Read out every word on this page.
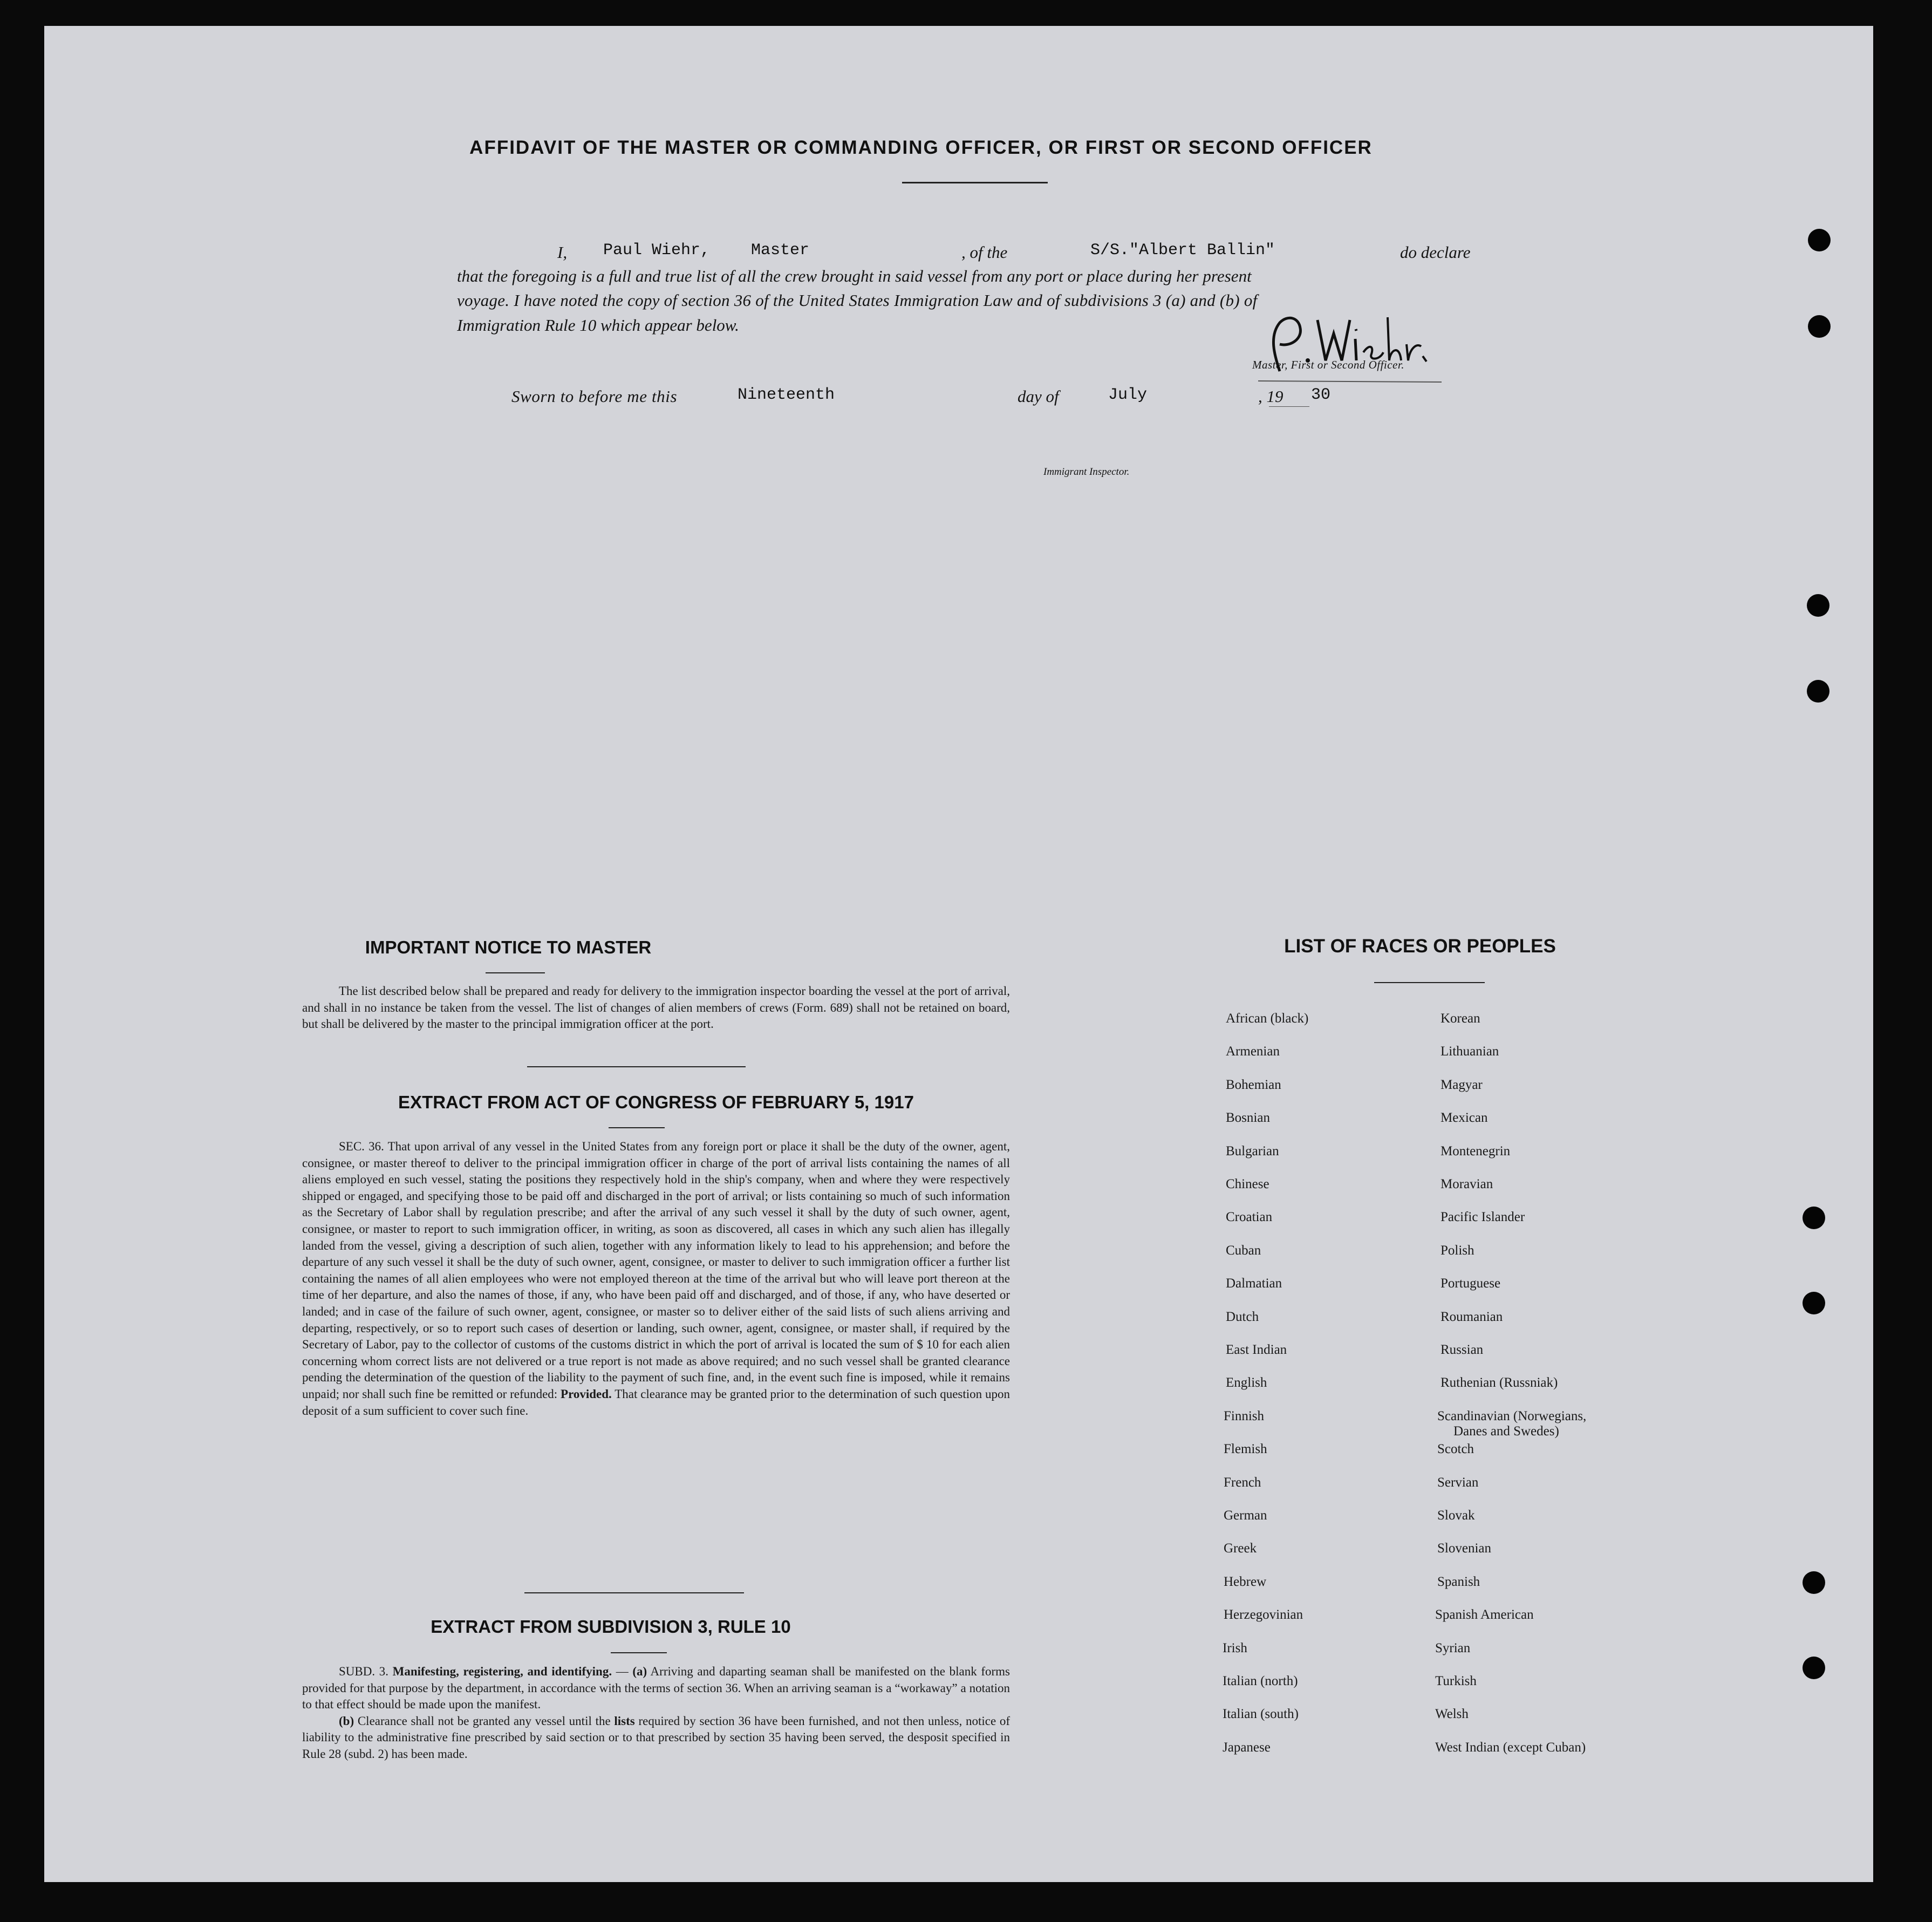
AFFIDAVIT OF THE MASTER OR COMMANDING OFFICER, OR FIRST OR SECOND OFFICER
I, Paul Wiehr,	Master	, of the	S/S."Albert Ballin"	do declare
that the foregoing is a full and true list of all the crew brought in said vessel from any port or place during her present
voyage. I have noted the copy of section 36 of the United States Immigration Law and of subdivisions 3 (a) and (b) of
Immigration Rule 10 which appear below.
Master, First or Second Officer.
Sworn to before me this	Nineteenth	day of	July	, 19 30
Immigrant Inspector.
IMPORTANT NOTICE TO MASTER
The list described below shall be prepared and ready for delivery to the immigration inspector boarding the vessel at the port of arrival, and shall in no instance be taken from the vessel. The list of changes of alien members of crews (Form. 689) shall not be retained on board, but shall be delivered by the master to the principal immigration officer at the port.
EXTRACT FROM ACT OF CONGRESS OF FEBRUARY 5, 1917
SEC. 36. That upon arrival of any vessel in the United States from any foreign port or place it shall be the duty of the owner, agent, consignee, or master thereof to deliver to the principal immigration officer in charge of the port of arrival lists containing the names of all aliens employed en such vessel, stating the positions they respectively hold in the ship's company, when and where they were respectively shipped or engaged, and specifying those to be paid off and discharged in the port of arrival; or lists containing so much of such information as the Secretary of Labor shall by regulation prescribe; and after the arrival of any such vessel it shall by the duty of such owner, agent, consignee, or master to report to such immigration officer, in writing, as soon as discovered, all cases in which any such alien has illegally landed from the vessel, giving a description of such alien, together with any information likely to lead to his apprehension; and before the departure of any such vessel it shall be the duty of such owner, agent, consignee, or master to deliver to such immigration officer a further list containing the names of all alien employees who were not employed thereon at the time of the arrival but who will leave port thereon at the time of her departure, and also the names of those, if any, who have been paid off and discharged, and of those, if any, who have deserted or landed; and in case of the failure of such owner, agent, consignee, or master so to deliver either of the said lists of such aliens arriving and departing, respectively, or so to report such cases of desertion or landing, such owner, agent, consignee, or master shall, if required by the Secretary of Labor, pay to the collector of customs of the customs district in which the port of arrival is located the sum of $ 10 for each alien concerning whom correct lists are not delivered or a true report is not made as above required; and no such vessel shall be granted clearance pending the determination of the question of the liability to the payment of such fine, and, in the event such fine is imposed, while it remains unpaid; nor shall such fine be remitted or refunded: Provided. That clearance may be granted prior to the determination of such question upon deposit of a sum sufficient to cover such fine.
EXTRACT FROM SUBDIVISION 3, RULE 10
SUBD. 3. Manifesting, registering, and identifying. — (a) Arriving and daparting seaman shall be manifested on the blank forms provided for that purpose by the department, in accordance with the terms of section 36. When an arriving seaman is a “workaway” a notation to that effect should be made upon the manifest.
(b) Clearance shall not be granted any vessel until the lists required by section 36 have been furnished, and not then unless, notice of liability to the administrative fine prescribed by said section or to that prescribed by section 35 having been served, the desposit specified in Rule 28 (subd. 2) has been made.
LIST OF RACES OR PEOPLES
African (black)
Armenian
Bohemian
Bosnian
Bulgarian
Chinese
Croatian
Cuban
Dalmatian
Dutch
East Indian
English
Finnish
Flemish
French
German
Greek
Hebrew
Herzegovinian
Irish
Italian (north)
Italian (south)
Japanese
Korean
Lithuanian
Magyar
Mexican
Montenegrin
Moravian
Pacific Islander
Polish
Portuguese
Roumanian
Russian
Ruthenian (Russniak)
Scandinavian (Norwegians,
Danes and Swedes)
Scotch
Servian
Slovak
Slovenian
Spanish
Spanish American
Syrian
Turkish
Welsh
West Indian (except Cuban)
